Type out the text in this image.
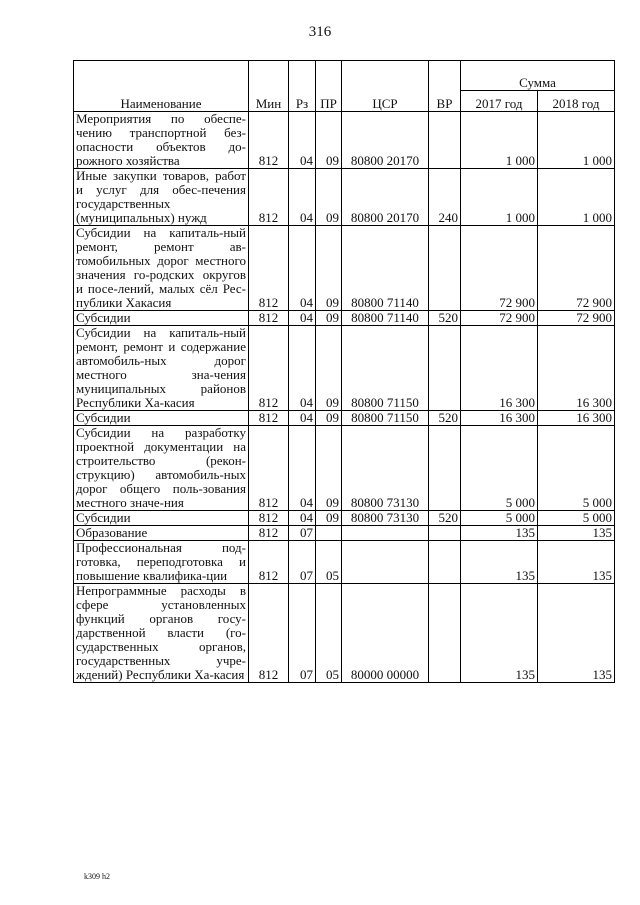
316
Наименование	Мин	Рз	ПР	ЦСР	ВР	Сумма	
						2017 год	2018 год
Мероприятия по обеспе-чению транспортной без-опасности объектов до-рожного хозяйства	812	04	09	80800 20170		1 000	1 000
Иные закупки товаров, работ и услуг для обес-печения государственных (муниципальных) нужд	812	04	09	80800 20170	240	1 000	1 000
Субсидии на капиталь-ный ремонт, ремонт ав-томобильных дорог местного значения го-родских округов и посе-лений, малых сёл Рес-публики Хакасия	812	04	09	80800 71140		72 900	72 900
Субсидии	812	04	09	80800 71140	520	72 900	72 900
Субсидии на капиталь-ный ремонт, ремонт и содержание автомобиль-ных дорог местного зна-чения муниципальных районов Республики Ха-касия	812	04	09	80800 71150		16 300	16 300
Субсидии	812	04	09	80800 71150	520	16 300	16 300
Субсидии на разработку проектной документации на строительство (рекон-струкцию) автомобиль-ных дорог общего поль-зования местного значе-ния	812	04	09	80800 73130		5 000	5 000
Субсидии	812	04	09	80800 73130	520	5 000	5 000
Образование	812	07				135	135
Профессиональная под-готовка, переподготовка и повышение квалифика-ции	812	07	05			135	135
Непрограммные расходы в сфере установленных функций органов госу-дарственной власти (го-сударственных органов, государственных учре-ждений) Республики Ха-касия	812	07	05	80000 00000		135	135
k309 h2
